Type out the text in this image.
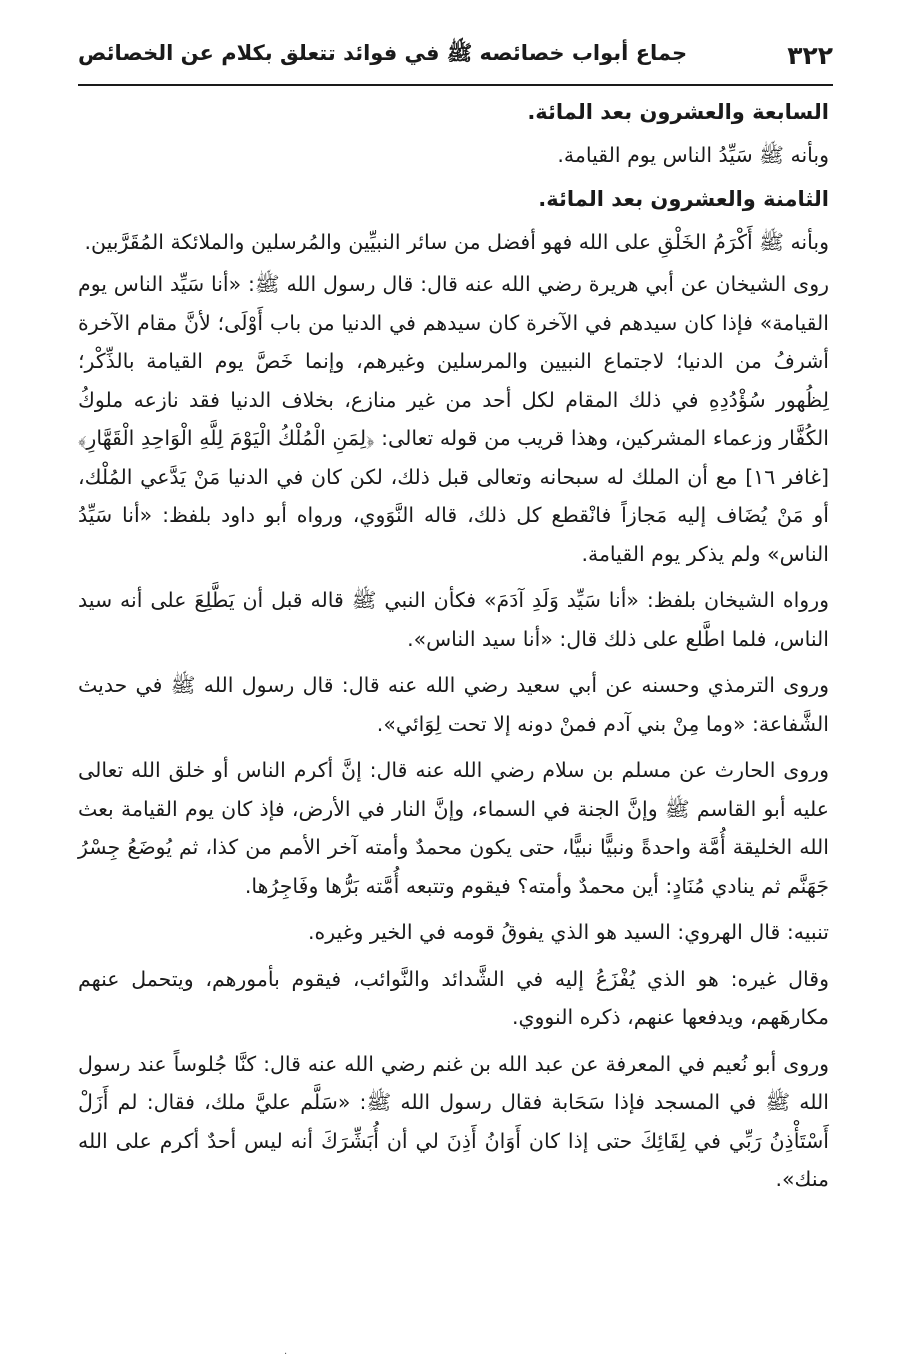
٣٢٢
جماع أبواب خصائصه ﷺ في فوائد تتعلق بكلام عن الخصائص
السابعة والعشرون بعد المائة.

وبأنه ﷺ سَيِّدُ الناس يوم القيامة.

الثامنة والعشرون بعد المائة.

وبأنه ﷺ أَكْرَمُ الخَلْقِ على الله فهو أفضل من سائر النبيِّين والمُرسلين والملائكة المُقَرَّبين.

روى الشيخان عن أبي هريرة رضي الله عنه قال: قال رسول الله ﷺ: «أنا سَيِّد الناس يوم القيامة» فإذا كان سيدهم في الآخرة كان سيدهم في الدنيا من باب أَوْلَى؛ لأنَّ مقام الآخرة أشرفُ من الدنيا؛ لاجتماع النبيين والمرسلين وغيرهم، وإنما خَصَّ يوم القيامة بالذِّكْر؛ لِظُهور سُؤْدُدِهِ في ذلك المقام لكل أحد من غير منازع، بخلاف الدنيا فقد نازعه ملوكُ الكُفَّار وزعماء المشركين، وهذا قريب من قوله تعالى: ﴿لِمَنِ الْمُلْكُ الْيَوْمَ لِلَّهِ الْوَاحِدِ الْقَهَّارِ﴾ [غافر ١٦] مع أن الملك له سبحانه وتعالى قبل ذلك، لكن كان في الدنيا مَنْ يَدَّعي المُلْك، أو مَنْ يُضَاف إليه مَجازاً فانْقطع كل ذلك، قاله النَّوَوي، ورواه أبو داود بلفظ: «أنا سَيِّدُ الناس» ولم يذكر يوم القيامة.

ورواه الشيخان بلفظ: «أنا سَيِّد وَلَدِ آدَمَ» فكأن النبي ﷺ قاله قبل أن يَطَّلِعَ على أنه سيد الناس، فلما اطَّلع على ذلك قال: «أنا سيد الناس».

وروى الترمذي وحسنه عن أبي سعيد رضي الله عنه قال: قال رسول الله ﷺ في حديث الشَّفاعة: «وما مِنْ بني آدم فمنْ دونه إلا تحت لِوَائي».

وروى الحارث عن مسلم بن سلام رضي الله عنه قال: إنَّ أكرم الناس أو خلق الله تعالى عليه أبو القاسم ﷺ وإنَّ الجنة في السماء، وإنَّ النار في الأرض، فإذ كان يوم القيامة بعث الله الخليقة أُمَّة واحدةً ونبيًّا نبيًّا، حتى يكون محمدٌ وأمته آخر الأمم من كذا، ثم يُوضَعُ جِسْرُ جَهَنَّم ثم ينادي مُنَادٍ: أين محمدٌ وأمته؟ فيقوم وتتبعه أُمَّته بَرُّها وفَاجِرُها.

تنبيه: قال الهروي: السيد هو الذي يفوقُ قومه في الخير وغيره.

وقال غيره: هو الذي يُفْزَعُ إليه في الشَّدائد والنَّوائب، فيقوم بأمورهم، ويتحمل عنهم مكارهَهم، ويدفعها عنهم، ذكره النووي.

وروى أبو نُعيم في المعرفة عن عبد الله بن غنم رضي الله عنه قال: كنَّا جُلوساً عند رسول الله ﷺ في المسجد فإذا سَحَابة فقال رسول الله ﷺ: «سَلَّم عليَّ ملك، فقال: لم أَزَلْ أَسْتَأْذِنُ رَبِّي في لِقَائِكَ حتى إذا كان أَوَانُ أَذِنَ لي أن أُبَشِّرَكَ أنه ليس أحدٌ أكرم على الله منك».

·
